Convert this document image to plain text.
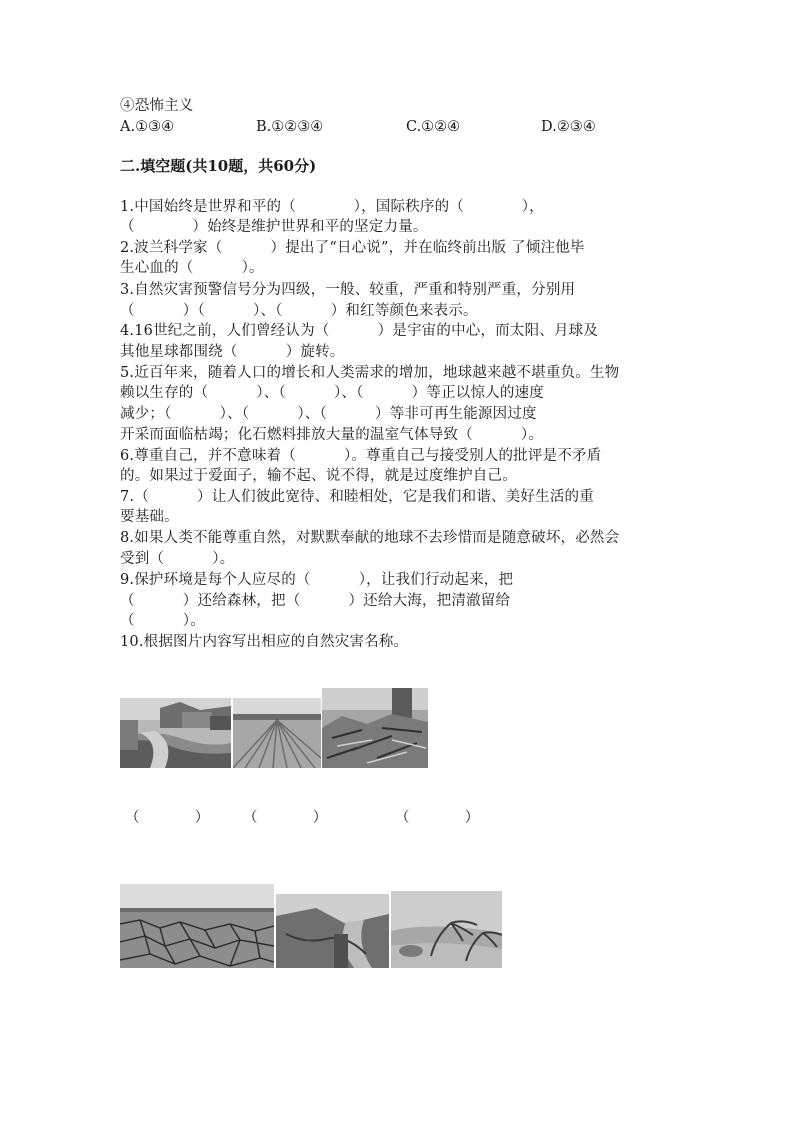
④恐怖主义
A.①③④	B.①②③④	C.①②④	D.②③④
二.填空题(共10题，共60分)
1.中国始终是世界和平的（            ），国际秩序的（            ），
（            ）始终是维护世界和平的坚定力量。
2.波兰科学家（          ）提出了“日心说”，并在临终前出版 了倾注他毕
生心血的（          ）。
3.自然灾害预警信号分为四级，一般、较重，严重和特别严重，分别用
（          ）（          ）、（          ）和红等颜色来表示。
4.16世纪之前，人们曾经认为（          ）是宇宙的中心，而太阳、月球及
其他星球都围绕（          ）旋转。
5.近百年来，随着人口的增长和人类需求的增加，地球越来越不堪重负。生物
赖以生存的（          ）、（          ）、（          ）等正以惊人的速度
减少；（          ）、（          ）、（          ）等非可再生能源因过度
开采而面临枯竭；化石燃料排放大量的温室气体导致（          ）。
6.尊重自己，并不意味着（          ）。尊重自己与接受别人的批评是不矛盾
的。如果过于爱面子，输不起、说不得，就是过度维护自己。
7.（          ）让人们彼此宽待、和睦相处，它是我们和谐、美好生活的重
要基础。
8.如果人类不能尊重自然，对默默奉献的地球不去珍惜而是随意破坏，必然会
受到（          ）。
9.保护环境是每个人应尽的（          ），让我们行动起来，把
（          ）还给森林，把（          ）还给大海，把清澈留给
（          ）。
10.根据图片内容写出相应的自然灾害名称。
（            ） （            ）	（            ）
